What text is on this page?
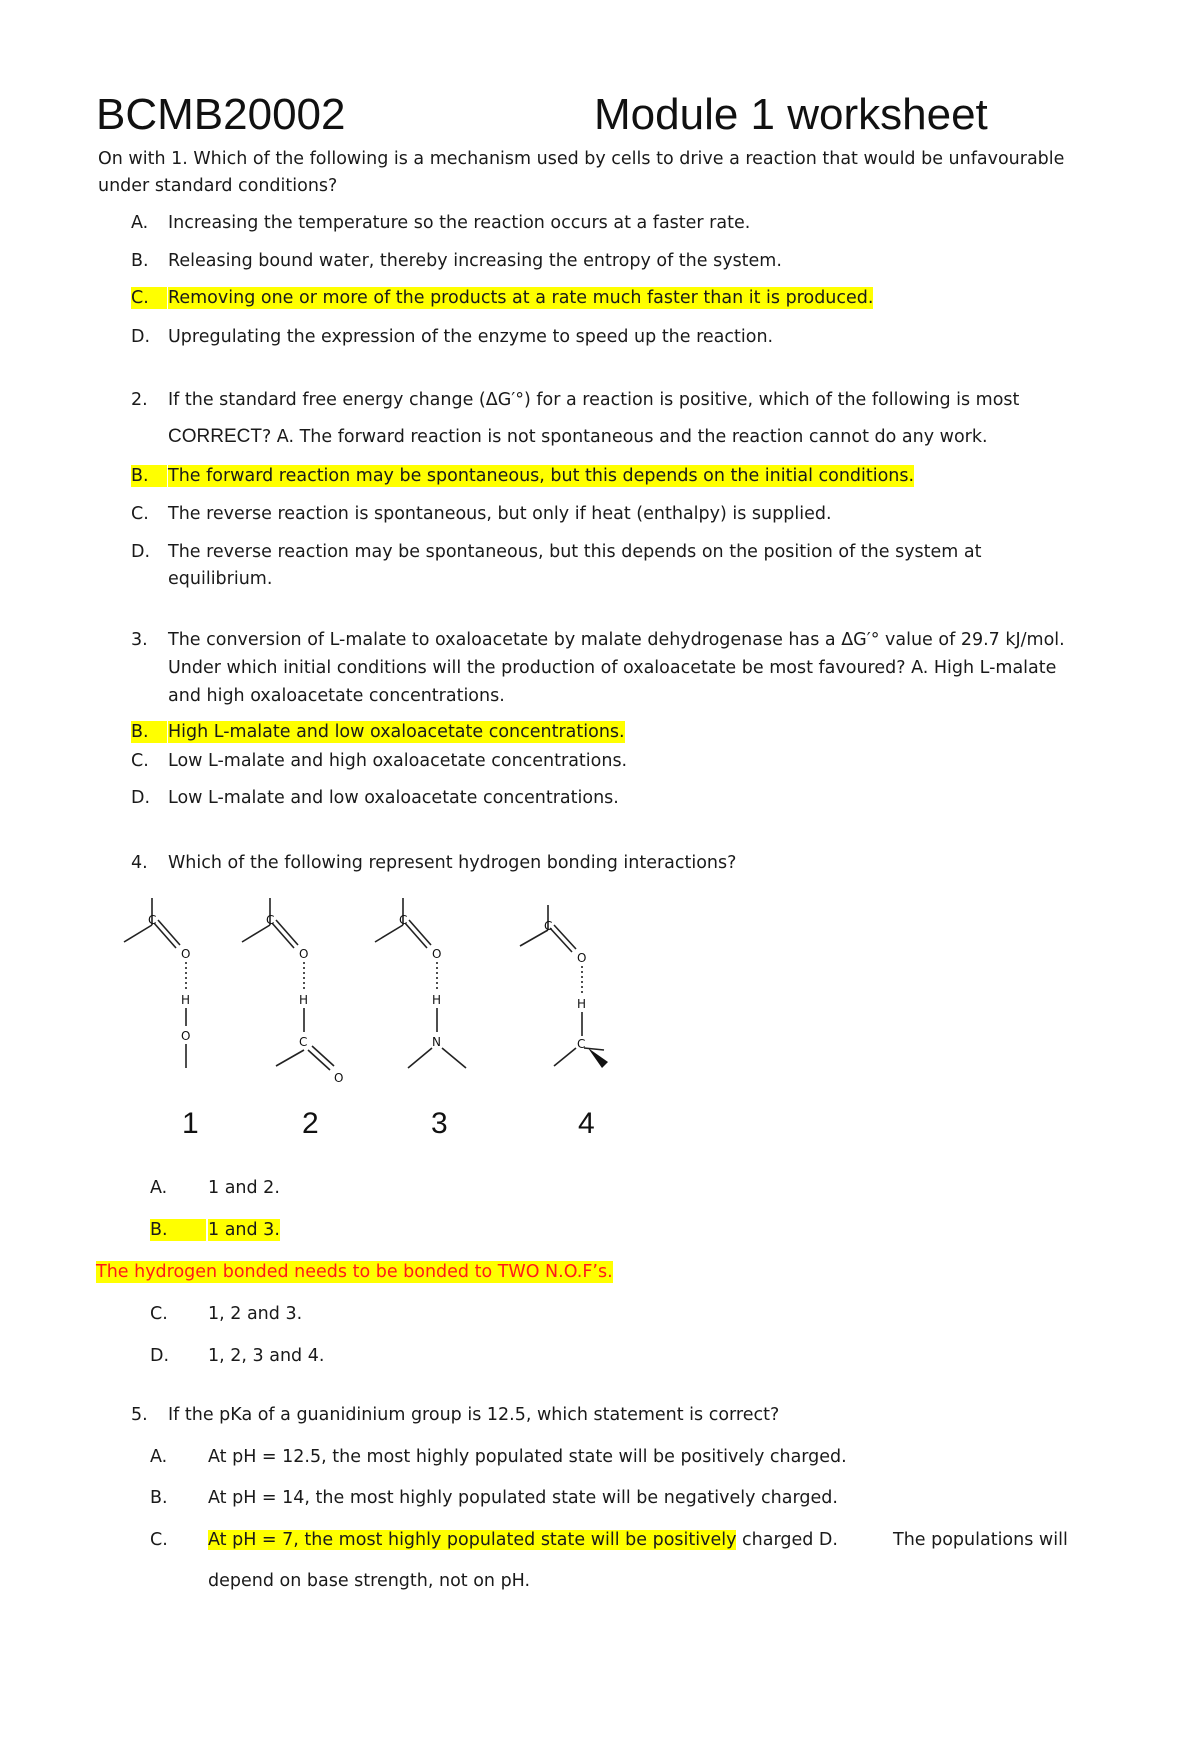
BCMB20002	Module 1 worksheet
On with 1. Which of the following is a mechanism used by cells to drive a reaction that would be unfavourable
under standard conditions?
A. Increasing the temperature so the reaction occurs at a faster rate.
B. Releasing bound water, thereby increasing the entropy of the system.
C.	Removing one or more of the products at a rate much faster than it is produced.
D. Upregulating the expression of the enzyme to speed up the reaction.
2. If the standard free energy change (ΔG′°) for a reaction is positive, which of the following is most
CORRECT? A. The forward reaction is not spontaneous and the reaction cannot do any work.
B.	The forward reaction may be spontaneous, but this depends on the initial conditions.
C. The reverse reaction is spontaneous, but only if heat (enthalpy) is supplied.
D. The reverse reaction may be spontaneous, but this depends on the position of the system at
equilibrium.
3. The conversion of L-malate to oxaloacetate by malate dehydrogenase has a ΔG′° value of 29.7 kJ/mol.
Under which initial conditions will the production of oxaloacetate be most favoured? A. High L-malate
and high oxaloacetate concentrations.
B.	High L-malate and low oxaloacetate concentrations.
C. Low L-malate and high oxaloacetate concentrations.
D. Low L-malate and low oxaloacetate concentrations.
4. Which of the following represent hydrogen bonding interactions?
C
O
H
O
C
O
H
C
O
C
O
H
N
C
O
H
C
1	2	3	4
A. 1 and 2.
B.	1 and 3.
The hydrogen bonded needs to be bonded to TWO N.O.F’s.
C. 1, 2 and 3.
D. 1, 2, 3 and 4.
5. If the pKa of a guanidinium group is 12.5, which statement is correct?
A. At pH = 12.5, the most highly populated state will be positively charged.
B. At pH = 14, the most highly populated state will be negatively charged.
C. At pH = 7, the most highly populated state will be positively charged D.	The populations will
depend on base strength, not on pH.
